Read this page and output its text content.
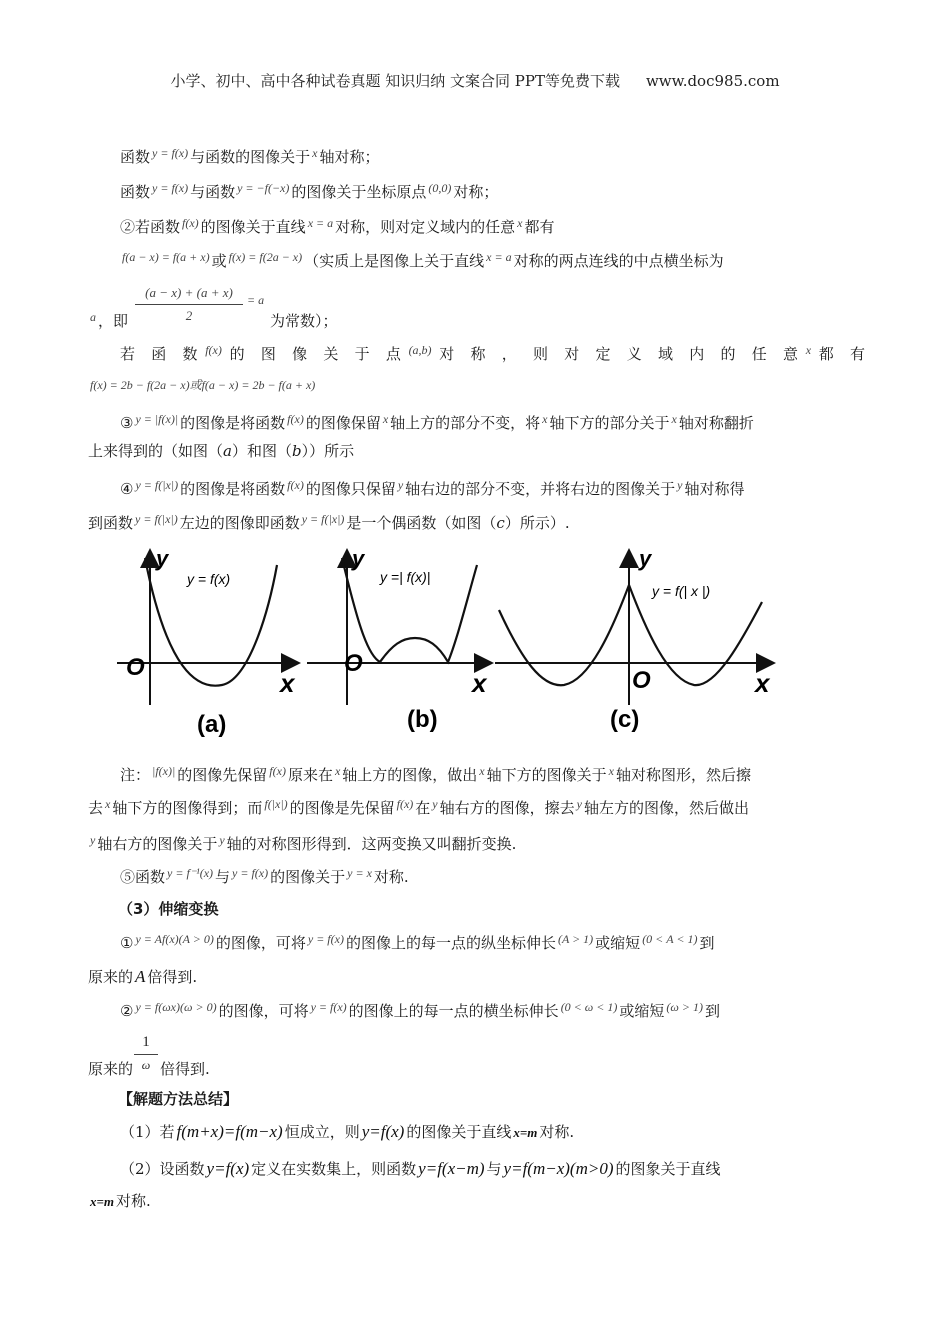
小学、初中、高中各种试卷真题 知识归纳 文案合同 PPT等免费下载 www.doc985.com
函数 $^{y = f(x)}$ 与函数的图像关于 $^x$ 轴对称；
函数 $^{y = f(x)}$ 与函数 $^{y = -f(-x)}$ 的图像关于坐标原点 $^{(0,0)}$ 对称；
②若函数 $^{f(x)}$ 的图像关于直线 $^{x = a}$ 对称，则对定义域内的任意 $^x$ 都有
$^{f(a - x) = f(a + x)}$ 或 $^{f(x) = f(2a - x)}$ （实质上是图像上关于直线 $^{x = a}$ 对称的两点连线的中点横坐标为
$^a$ ，即
(a − x) + (a + x)
2
$^{= a}$
为常数）；
若 函 数 $^{f(x)}$ 的 图 像 关 于 点 $^{(a,b)}$ 对 称 ， 则 对 定 义 域 内 的 任 意 $^x$ 都 有
$^{f(x) = 2b - f(2a - x)或f(a - x) = 2b - f(a + x)}$
③ $^{y = |f(x)|}$ 的图像是将函数 $^{f(x)}$ 的图像保留 $^x$ 轴上方的部分不变，将 $^x$ 轴下方的部分关于 $^x$ 轴对称翻折
上来得到的（如图（a）和图（b））所示
④ $^{y = f(|x|)}$ 的图像是将函数 $^{f(x)}$ 的图像只保留 $^y$ 轴右边的部分不变，并将右边的图像关于 $^y$ 轴对称得
到函数 $^{y = f(|x|)}$ 左边的图像即函数 $^{y = f(|x|)}$ 是一个偶函数（如图（c）所示）.
y
x
O
y = f(x)
(a)
y
x
O
y =| f(x)|
(b)
y
x
O
y = f(| x |)
(c)
注： $^{|f(x)|}$ 的图像先保留 $^{f(x)}$ 原来在 $^x$ 轴上方的图像，做出 $^x$ 轴下方的图像关于 $^x$ 轴对称图形，然后擦
去 $^x$ 轴下方的图像得到；而 $^{f(|x|)}$ 的图像是先保留 $^{f(x)}$ 在 $^y$ 轴右方的图像，擦去 $^y$ 轴左方的图像，然后做出
$^y$ 轴右方的图像关于 $^y$ 轴的对称图形得到．这两变换又叫翻折变换.
⑤函数 $^{y = f^{-1}(x)}$ 与 $^{y = f(x)}$ 的图像关于 $^{y = x}$ 对称.
（3）伸缩变换
① $^{y = Af(x)(A > 0)}$ 的图像，可将 $^{y = f(x)}$ 的图像上的每一点的纵坐标伸长 $^{(A > 1)}$ 或缩短 $^{(0 < A < 1)}$ 到
原来的 A 倍得到.
② $^{y = f(\omega x)(\omega > 0)}$ 的图像，可将 $^{y = f(x)}$ 的图像上的每一点的横坐标伸长 $^{(0 < \omega < 1)}$ 或缩短 $^{(\omega > 1)}$ 到
1
ω
原来的 倍得到.
【解题方法总结】
（1）若 f(m+x)=f(m−x) 恒成立，则 y=f(x) 的图像关于直线 x=m 对称.
（2）设函数 y=f(x) 定义在实数集上，则函数 y=f(x−m) 与 y=f(m−x)(m>0) 的图象关于直线
x=m 对称.
